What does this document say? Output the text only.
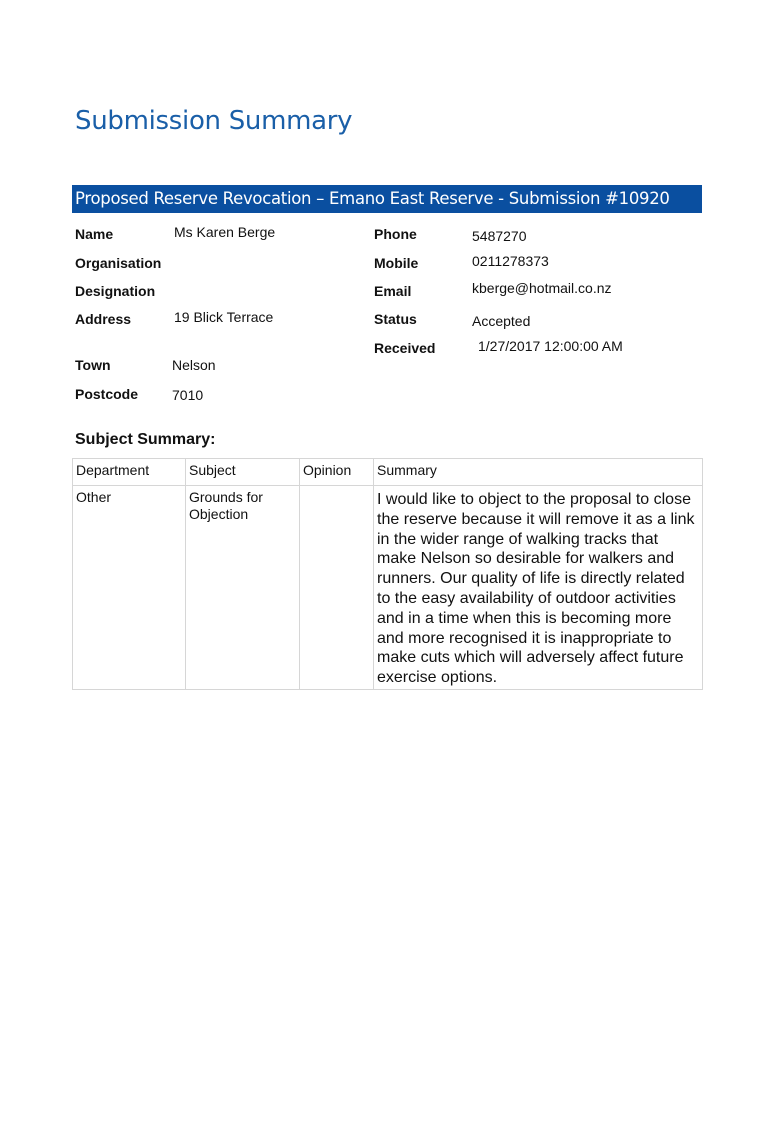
Submission Summary
Proposed Reserve Revocation – Emano East Reserve - Submission #10920
Name	Ms Karen Berge
Organisation
Designation
Address	19 Blick Terrace
Town	Nelson
Postcode 7010
Phone	5487270
Mobile	0211278373
Email	kberge@hotmail.co.nz
Status	Accepted
Received	1/27/2017 12:00:00 AM
Subject Summary:
Department	Subject	Opinion	Summary
Other	Grounds for Objection		I would like to object to the proposal to close the reserve because it will remove it as a link in the wider range of walking tracks that make Nelson so desirable for walkers and runners. Our quality of life is directly related to the easy availability of outdoor activities and in a time when this is becoming more and more recognised it is inappropriate to make cuts which will adversely affect future exercise options.
